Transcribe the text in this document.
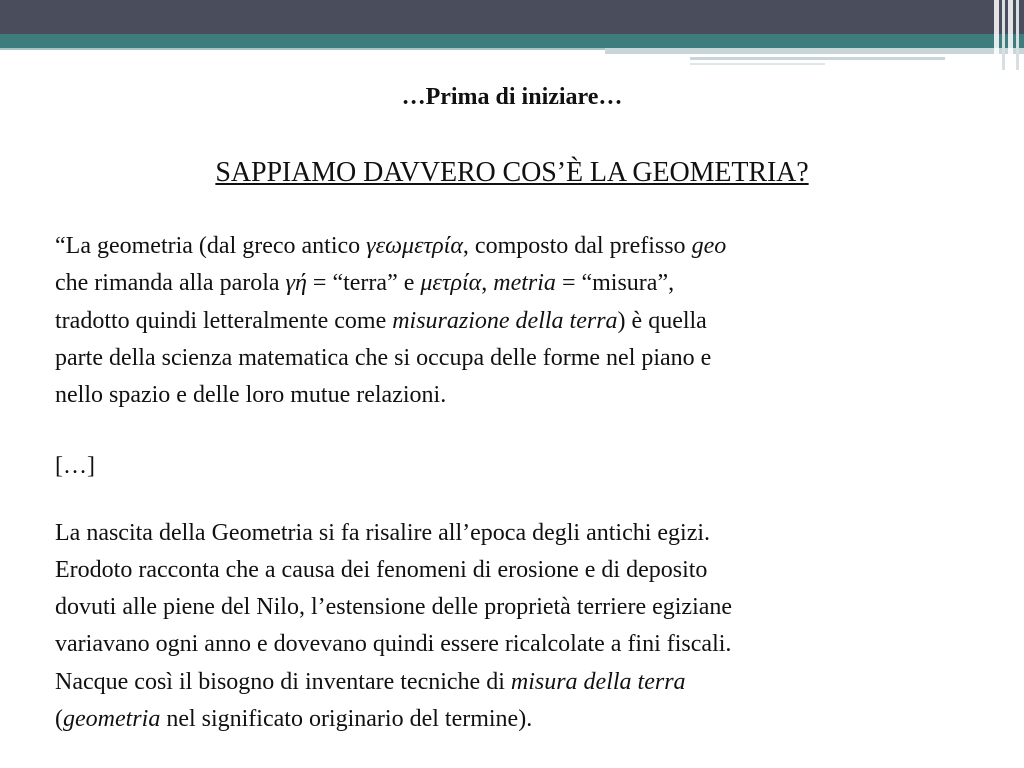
…Prima di iniziare…
SAPPIAMO DAVVERO COS’È LA GEOMETRIA?
“La geometria (dal greco antico γεωμετρία, composto dal prefisso geo
che rimanda alla parola γή = “terra” e μετρία, metria = “misura”,
tradotto quindi letteralmente come misurazione della terra) è quella
parte della scienza matematica che si occupa delle forme nel piano e
nello spazio e delle loro mutue relazioni.
[…]
La nascita della Geometria si fa risalire all’epoca degli antichi egizi.
Erodoto racconta che a causa dei fenomeni di erosione e di deposito
dovuti alle piene del Nilo, l’estensione delle proprietà terriere egiziane
variavano ogni anno e dovevano quindi essere ricalcolate a fini fiscali.
Nacque così il bisogno di inventare tecniche di misura della terra
(geometria nel significato originario del termine).
